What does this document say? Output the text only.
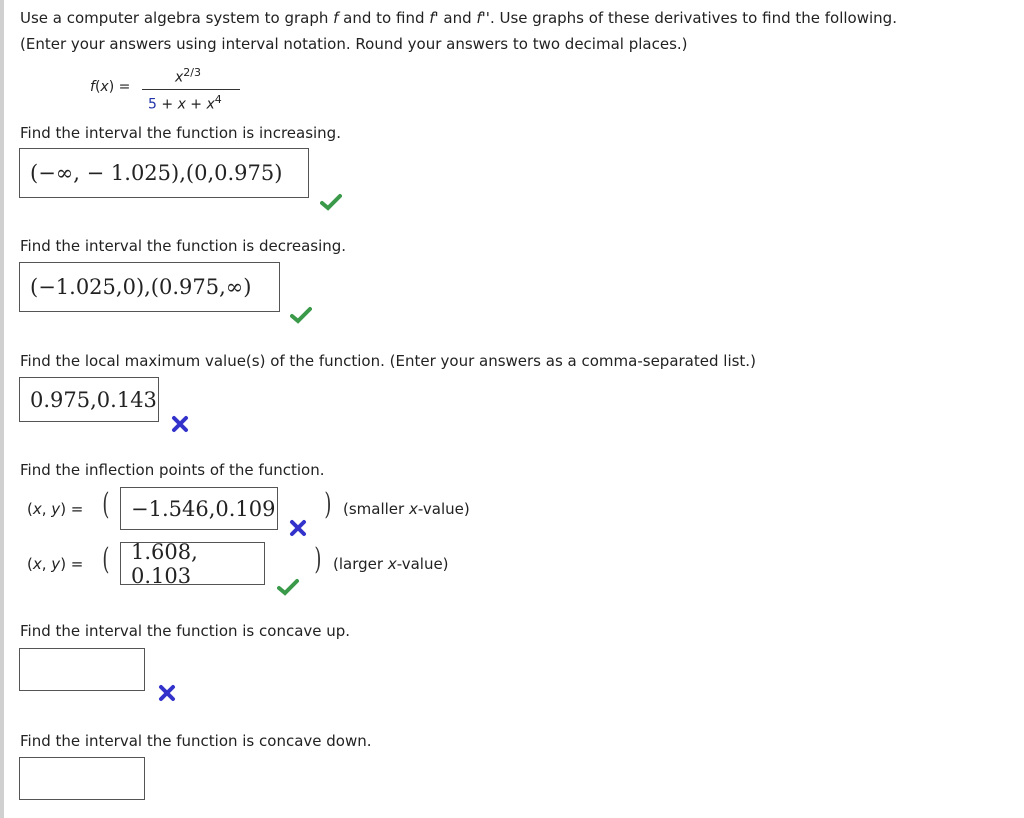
Use a computer algebra system to graph f and to find f' and f''. Use graphs of these derivatives to find the following.
(Enter your answers using interval notation. Round your answers to two decimal places.)
f(x) =
$x^{2/3}$
$5 + x + x^4$
Find the interval the function is increasing.
(−∞, − 1.025),(0,0.975)
Find the interval the function is decreasing.
(−1.025,0),(0.975,∞)
Find the local maximum value(s) of the function. (Enter your answers as a comma-separated list.)
0.975,0.143
Find the inflection points of the function.
(x, y) = (	−1.546,0.109 ) (smaller x-value)
(x, y) = (	1.608, 0.103	) (larger x-value)
Find the interval the function is concave up.
Find the interval the function is concave down.
